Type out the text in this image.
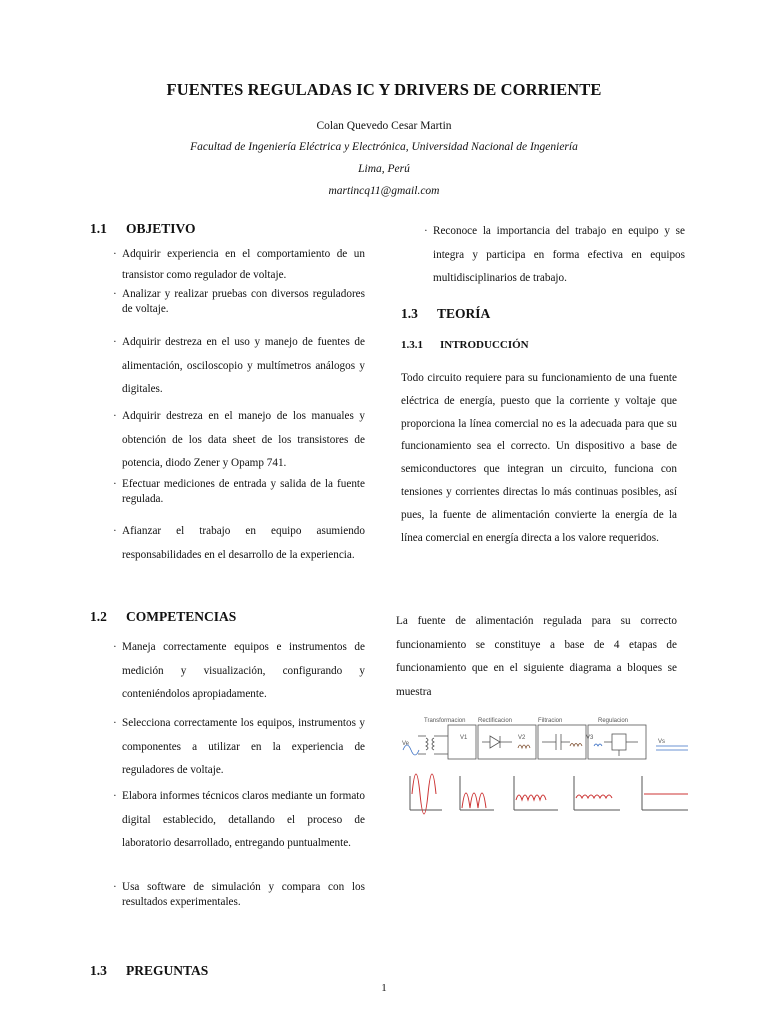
FUENTES REGULADAS IC Y DRIVERS DE CORRIENTE
Colan Quevedo Cesar Martin
Facultad de Ingeniería Eléctrica y Electrónica, Universidad Nacional de Ingeniería
Lima, Perú
martincq11@gmail.com
1.1 OBJETIVO
· Adquirir experiencia en el comportamiento de un transistor como regulador de voltaje.
· Analizar y realizar pruebas con diversos reguladores de voltaje.
· Adquirir destreza en el uso y manejo de fuentes de alimentación, osciloscopio y multímetros análogos y digitales.
· Adquirir destreza en el manejo de los manuales y obtención de los data sheet de los transistores de potencia, diodo Zener y Opamp 741.
· Efectuar mediciones de entrada y salida de la fuente regulada.
· Afianzar el trabajo en equipo asumiendo responsabilidades en el desarrollo de la experiencia.
1.2 COMPETENCIAS
· Maneja correctamente equipos e instrumentos de medición y visualización, configurando y conteniéndolos apropiadamente.
· Selecciona correctamente los equipos, instrumentos y componentes a utilizar en la experiencia de reguladores de voltaje.
· Elabora informes técnicos claros mediante un formato digital establecido, detallando el proceso de laboratorio desarrollado, entregando puntualmente.
· Usa software de simulación y compara con los resultados experimentales.
1.3 PREGUNTAS
· Reconoce la importancia del trabajo en equipo y se integra y participa en forma efectiva en equipos multidisciplinarios de trabajo.
1.3 TEORÍA
1.3.1 INTRODUCCIÓN
Todo circuito requiere para su funcionamiento de una fuente eléctrica de energía, puesto que la corriente y voltaje que proporciona la línea comercial no es la adecuada para que su funcionamiento sea el correcto. Un dispositivo a base de semiconductores que integran un circuito, funciona con tensiones y corrientes directas lo más continuas posibles, así pues, la fuente de alimentación convierte la energía de la línea comercial en energía directa a los valore requeridos.
La fuente de alimentación regulada para su correcto funcionamiento se constituye a base de 4 etapas de funcionamiento que en el siguiente diagrama a bloques se muestra
Transformacion Rectificacion	Filtracion	Regulacion
Ve
V1	V2	V3
Vs
1
